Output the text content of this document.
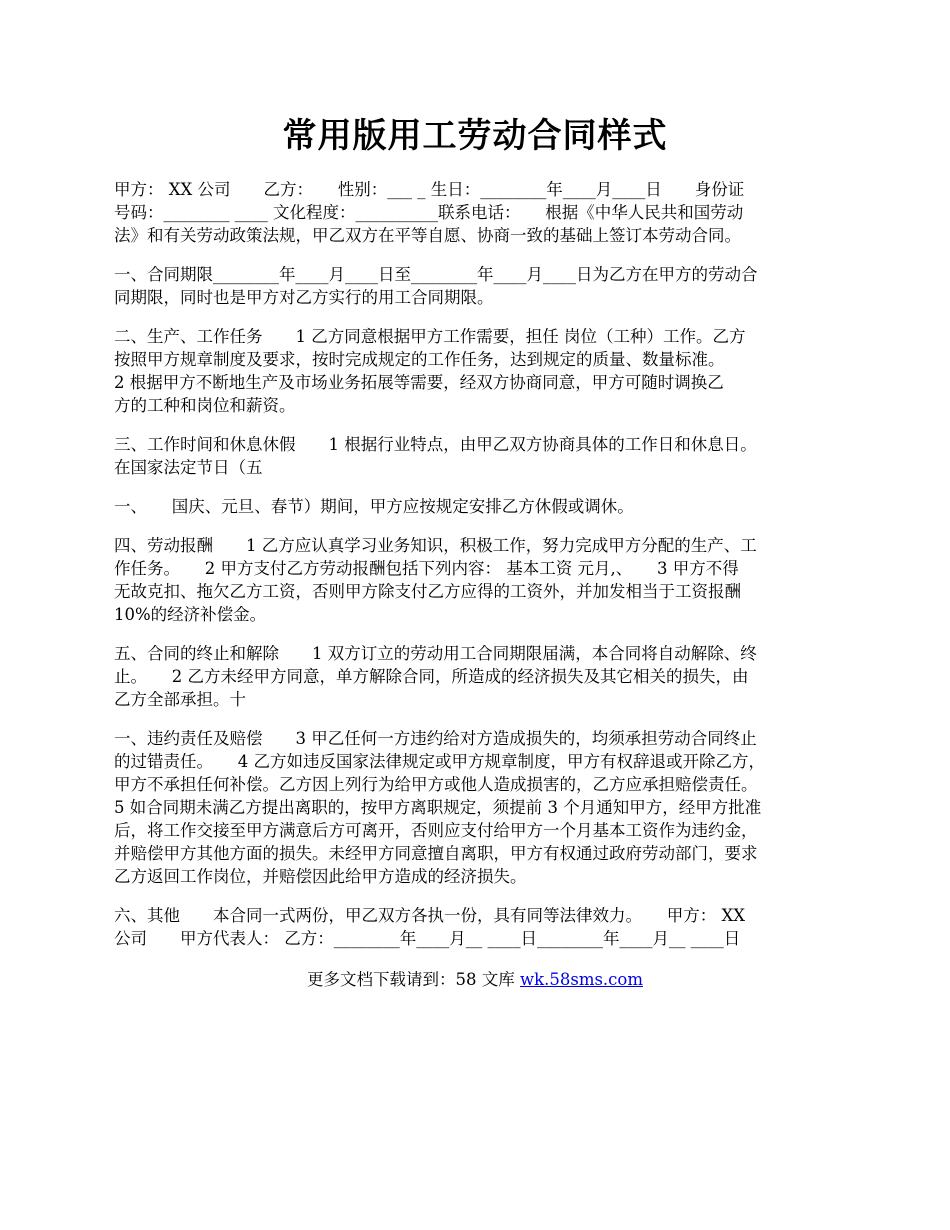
常用版用工劳动合同样式

甲方： XX 公司　　乙方：　　性别：___ _ 生日：________年____月____日　　身份证
号码：________ ____ 文化程度：__________联系电话：　　根据《中华人民共和国劳动
法》和有关劳动政策法规，甲乙双方在平等自愿、协商一致的基础上签订本劳动合同。

一、合同期限________年____月____日至________年____月____日为乙方在甲方的劳动合
同期限，同时也是甲方对乙方实行的用工合同期限。

二、生产、工作任务　　1 乙方同意根据甲方工作需要，担任 岗位（工种）工作。乙方
按照甲方规章制度及要求，按时完成规定的工作任务，达到规定的质量、数量标准。
2 根据甲方不断地生产及市场业务拓展等需要，经双方协商同意，甲方可随时调换乙
方的工种和岗位和薪资。

三、工作时间和休息休假　　1 根据行业特点，由甲乙双方协商具体的工作日和休息日。
在国家法定节日（五

一、　　国庆、元旦、春节）期间，甲方应按规定安排乙方休假或调休。

四、劳动报酬　　1 乙方应认真学习业务知识，积极工作，努力完成甲方分配的生产、工
作任务。　　2 甲方支付乙方劳动报酬包括下列内容： 基本工资 元月,、　　3 甲方不得
无故克扣、拖欠乙方工资，否则甲方除支付乙方应得的工资外，并加发相当于工资报酬
10%的经济补偿金。

五、合同的终止和解除　　1 双方订立的劳动用工合同期限届满，本合同将自动解除、终
止。　　2 乙方未经甲方同意，单方解除合同，所造成的经济损失及其它相关的损失，由
乙方全部承担。十

一、违约责任及赔偿　　3 甲乙任何一方违约给对方造成损失的，均须承担劳动合同终止
的过错责任。　　4 乙方如违反国家法律规定或甲方规章制度，甲方有权辞退或开除乙方，
甲方不承担任何补偿。乙方因上列行为给甲方或他人造成损害的，乙方应承担赔偿责任。
5 如合同期未满乙方提出离职的，按甲方离职规定，须提前 3 个月通知甲方，经甲方批准
后，将工作交接至甲方满意后方可离开，否则应支付给甲方一个月基本工资作为违约金，
并赔偿甲方其他方面的损失。未经甲方同意擅自离职，甲方有权通过政府劳动部门，要求
乙方返回工作岗位，并赔偿因此给甲方造成的经济损失。

六、其他　　本合同一式两份，甲乙双方各执一份，具有同等法律效力。　　甲方： XX
公司　　甲方代表人： 乙方：________年____月__ ____日________年____月__ ____日

更多文档下载请到：58 文库 wk.58sms.com
